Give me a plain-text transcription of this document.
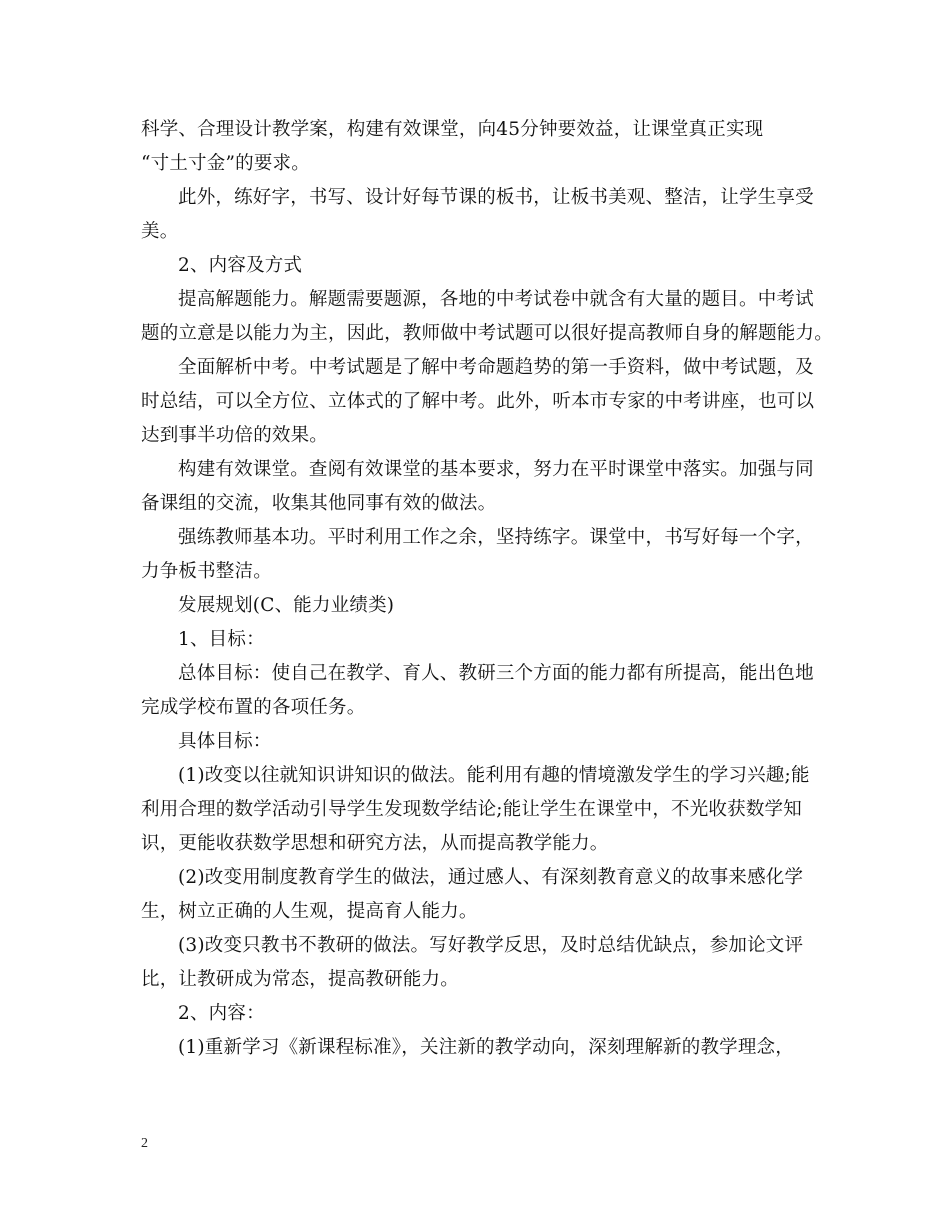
科学、合理设计教学案，构建有效课堂，向45分钟要效益，让课堂真正实现
“寸土寸金”的要求。
此外，练好字，书写、设计好每节课的板书，让板书美观、整洁，让学生享受
美。
2、内容及方式
提高解题能力。解题需要题源，各地的中考试卷中就含有大量的题目。中考试
题的立意是以能力为主，因此，教师做中考试题可以很好提高教师自身的解题能力。
全面解析中考。中考试题是了解中考命题趋势的第一手资料，做中考试题，及
时总结，可以全方位、立体式的了解中考。此外，听本市专家的中考讲座，也可以
达到事半功倍的效果。
构建有效课堂。查阅有效课堂的基本要求，努力在平时课堂中落实。加强与同
备课组的交流，收集其他同事有效的做法。
强练教师基本功。平时利用工作之余，坚持练字。课堂中，书写好每一个字，
力争板书整洁。
发展规划(C、能力业绩类)
1、目标：
总体目标：使自己在教学、育人、教研三个方面的能力都有所提高，能出色地
完成学校布置的各项任务。
具体目标：
(1)改变以往就知识讲知识的做法。能利用有趣的情境激发学生的学习兴趣;能
利用合理的数学活动引导学生发现数学结论;能让学生在课堂中，不光收获数学知
识，更能收获数学思想和研究方法，从而提高教学能力。
(2)改变用制度教育学生的做法，通过感人、有深刻教育意义的故事来感化学
生，树立正确的人生观，提高育人能力。
(3)改变只教书不教研的做法。写好教学反思，及时总结优缺点，参加论文评
比，让教研成为常态，提高教研能力。
2、内容：
(1)重新学习《新课程标准》，关注新的教学动向，深刻理解新的教学理念，
2
